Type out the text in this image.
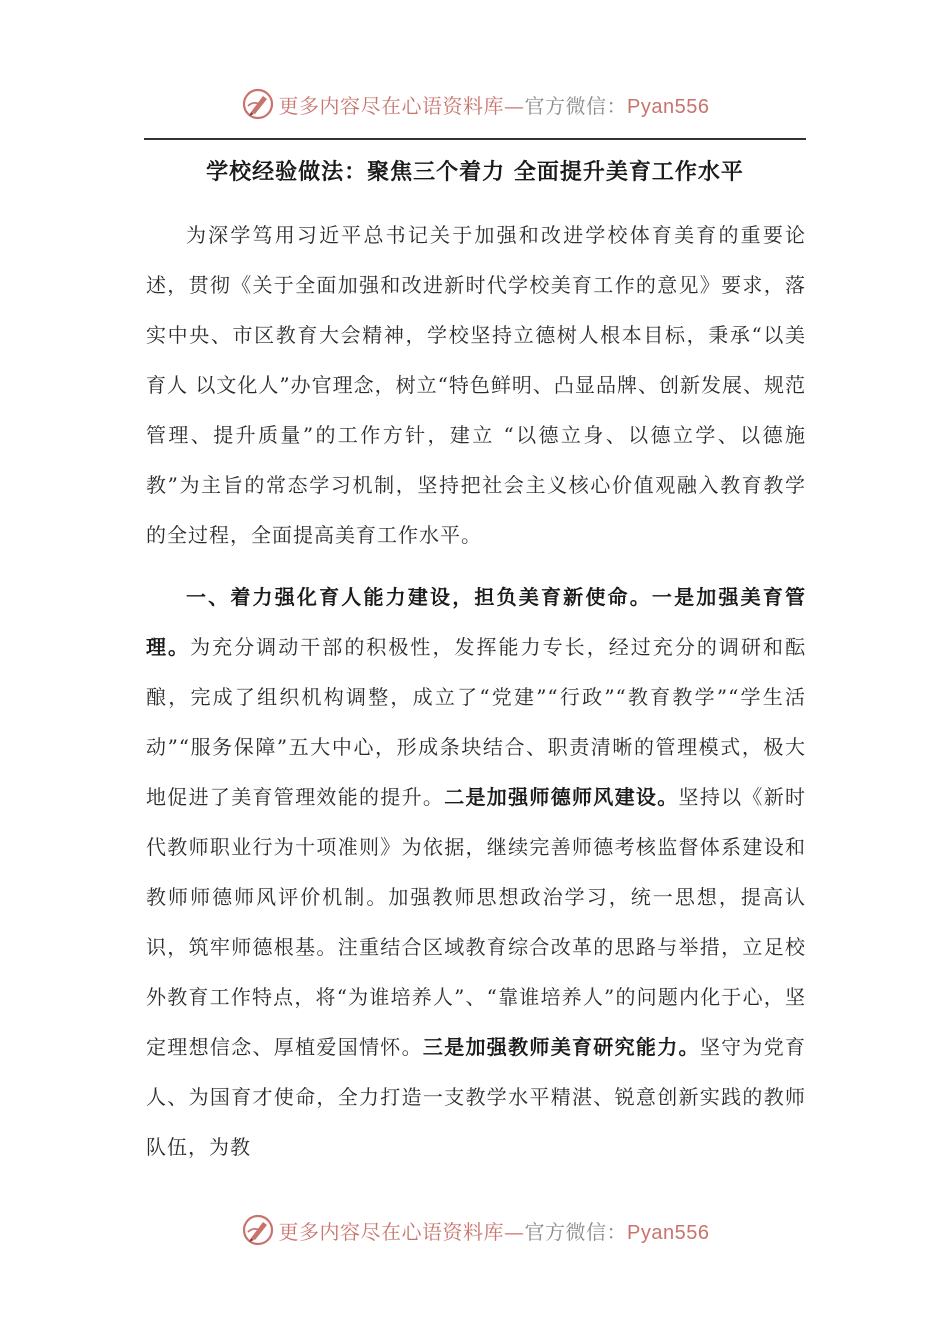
更多内容尽在心语资料库—官方微信：Pyan556
学校经验做法：聚焦三个着力 全面提升美育工作水平

为深学笃用习近平总书记关于加强和改进学校体育美育的重要论述，贯彻《关于全面加强和改进新时代学校美育工作的意见》要求，落实中央、市区教育大会精神，学校坚持立德树人根本目标，秉承“以美育人 以文化人”办官理念，树立“特色鲜明、凸显品牌、创新发展、规范管理、提升质量”的工作方针，建立 “以德立身、以德立学、以德施教”为主旨的常态学习机制，坚持把社会主义核心价值观融入教育教学的全过程，全面提高美育工作水平。

一、着力强化育人能力建设，担负美育新使命。一是加强美育管理。为充分调动干部的积极性，发挥能力专长，经过充分的调研和酝酿，完成了组织机构调整，成立了“党建”“行政”“教育教学”“学生活动”“服务保障”五大中心，形成条块结合、职责清晰的管理模式，极大地促进了美育管理效能的提升。二是加强师德师风建设。坚持以《新时代教师职业行为十项准则》为依据，继续完善师德考核监督体系建设和教师师德师风评价机制。加强教师思想政治学习，统一思想，提高认识，筑牢师德根基。注重结合区域教育综合改革的思路与举措，立足校外教育工作特点，将“为谁培养人”、“靠谁培养人”的问题内化于心，坚定理想信念、厚植爱国情怀。三是加强教师美育研究能力。坚守为党育人、为国育才使命，全力打造一支教学水平精湛、锐意创新实践的教师队伍，为教

更多内容尽在心语资料库—官方微信：Pyan556
